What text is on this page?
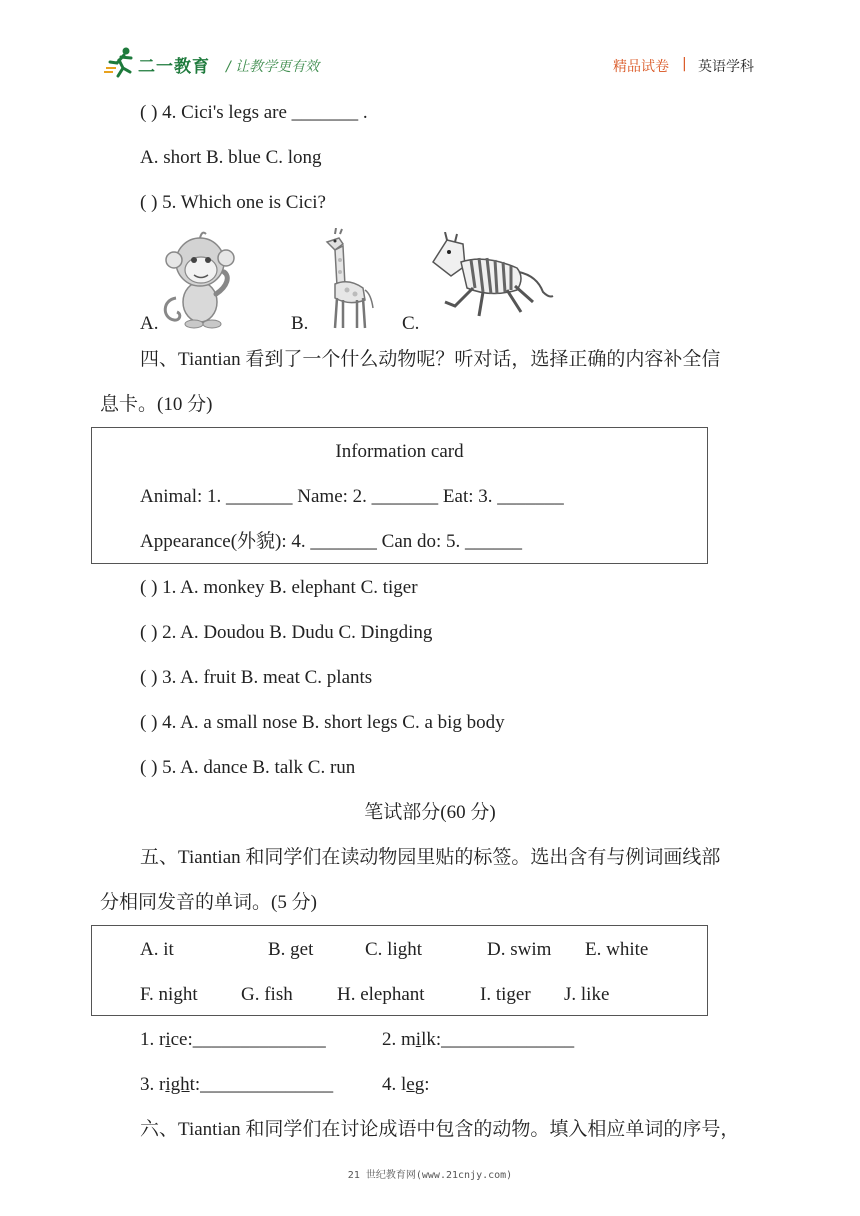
二一教育 / 让教学更有效	精品试卷 | 英语学科
( ) 4. Cici's legs are _______ .
A. short B. blue C. long
( ) 5. Which one is Cici?
A.	B.	C.
四、Tiantian 看到了一个什么动物呢？听对话，选择正确的内容补全信
息卡。(10 分)
Information card
Animal: 1. _______ Name: 2. _______ Eat: 3. _______
Appearance(外貌): 4. _______ Can do: 5. ______
( ) 1. A. monkey B. elephant C. tiger
( ) 2. A. Doudou B. Dudu C. Dingding
( ) 3. A. fruit B. meat C. plants
( ) 4. A. a small nose B. short legs C. a big body
( ) 5. A. dance B. talk C. run
笔试部分(60 分)
五、Tiantian 和同学们在读动物园里贴的标签。选出含有与例词画线部
分相同发音的单词。(5 分)
A. it	B. get	C. light	D. swim E. white
F. night G. fish H. elephant	I. tiger J. like
1. rice:______________	2. milk:______________
3. right:______________	4. leg:
六、Tiantian 和同学们在讨论成语中包含的动物。填入相应单词的序号，
21 世纪教育网(www.21cnjy.com)
